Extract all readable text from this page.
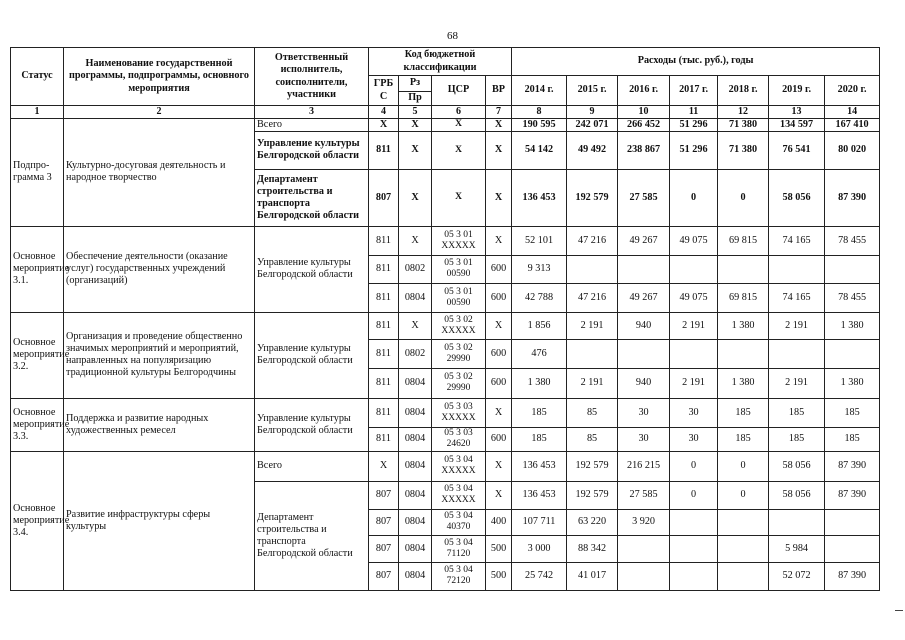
68
Статус	Наименование государственной программы, подпрограммы, основного мероприятия	Ответственный исполнитель, соисполнители, участники	Код бюджетной классификации				Расходы (тыс. руб.), годы						
			ГРБ С	Рз	ЦСР	ВР	2014 г.	2015 г.	2016 г.	2017 г.	2018 г.	2019 г.	2020 г.
				Пр									
1	2	3	4	5	6	7	8	9	10	11	12	13	14
Подпро-грамма 3	Культурно-досуговая деятельность и народное творчество	Всего	X	X	X	X	190 595	242 071	266 452	51 296	71 380	134 597	167 410
		Управление культуры Белгородской области	811	X	X	X	54 142	49 492	238 867	51 296	71 380	76 541	80 020
		Департамент строительства и транспорта Белгородской области	807	X	X	X	136 453	192 579	27 585	0	0	58 056	87 390
Основное мероприятие 3.1.	Обеспечение деятельности (оказание услуг) государственных учреждений (организаций)	Управление культуры Белгородской области	811	X	05 3 01 XXXXX	X	52 101	47 216	49 267	49 075	69 815	74 165	78 455
			811	0802	05 3 01 00590	600	9 313						
			811	0804	05 3 01 00590	600	42 788	47 216	49 267	49 075	69 815	74 165	78 455
Основное мероприятие 3.2.	Организация и проведение общественно значимых мероприятий и мероприятий, направленных на популяризацию традиционной культуры Белгородчины	Управление культуры Белгородской области	811	X	05 3 02 XXXXX	X	1 856	2 191	940	2 191	1 380	2 191	1 380
			811	0802	05 3 02 29990	600	476						
			811	0804	05 3 02 29990	600	1 380	2 191	940	2 191	1 380	2 191	1 380
Основное мероприятие 3.3.	Поддержка и развитие народных художественных ремесел	Управление культуры Белгородской области	811	0804	05 3 03 XXXXX	X	185	85	30	30	185	185	185
			811	0804	05 3 03 24620	600	185	85	30	30	185	185	185
Основное мероприятие 3.4.	Развитие инфраструктуры сферы культуры	Всего	X	0804	05 3 04 XXXXX	X	136 453	192 579	216 215	0	0	58 056	87 390
		Департамент строительства и транспорта Белгородской области	807	0804	05 3 04 XXXXX	X	136 453	192 579	27 585	0	0	58 056	87 390
			807	0804	05 3 04 40370	400	107 711	63 220	3 920				
			807	0804	05 3 04 71120	500	3 000	88 342				5 984	
			807	0804	05 3 04 72120	500	25 742	41 017				52 072	87 390
